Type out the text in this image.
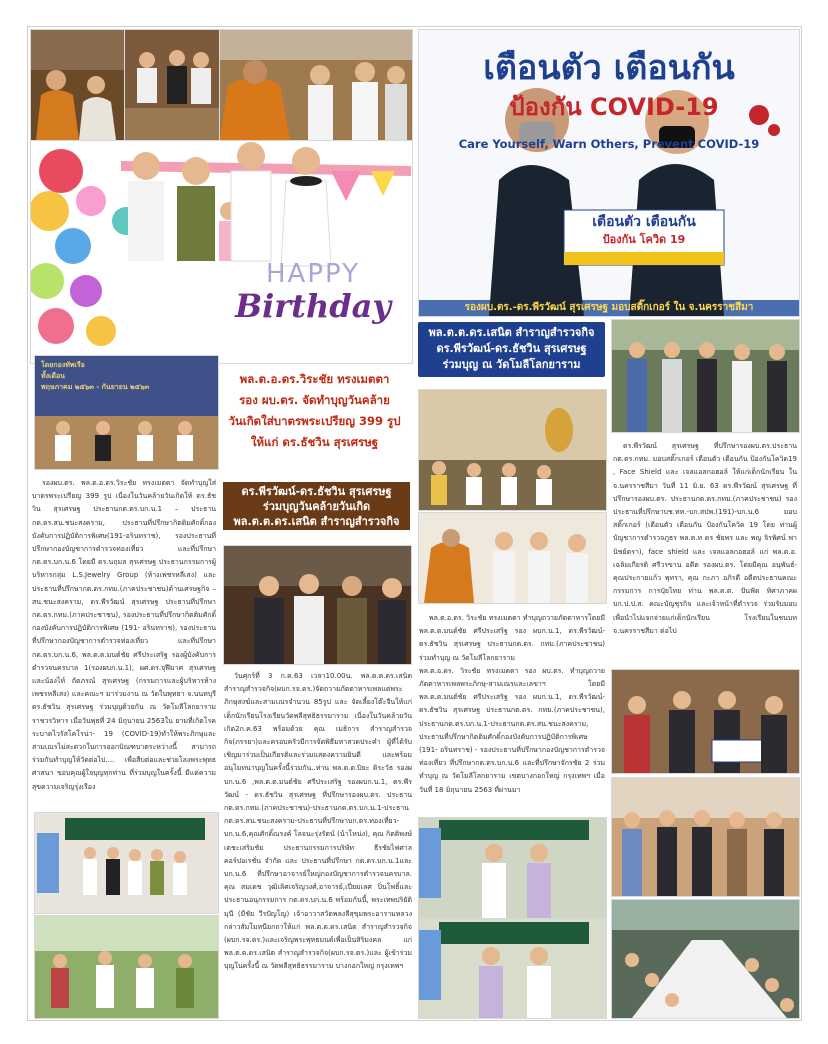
HAPPY
Birthday
โดยกองทัพเรือ
ทั้งเดือน
พฤษภาคม ๒๕๖๓ - กันยายน ๒๕๖๓
พล.ต.อ.ดร.วิระชัย ทรงเมตตา
รอง ผบ.ตร. จัดทำบุญวันคล้าย
วันเกิดใส่บาตรพระเปรียญ 399 รูป
ให้แก่ ดร.ธัชวิน สุรเศรษฐ
รองผบ.ตร. พล.ต.อ.ดร.วิระชัย ทรงเมตตา จัดทำบุญใส่บาตรพระเปรียญ 399 รูป เนื่องในวันคล้ายวันเกิดให้ ดร.ธัชวิน สุรเศรษฐ ประธานกต.ตร.บก.น.1 – ประธานกต.ตร.สน.ชนะสงคราม, ประธานที่ปรึกษากิตติมศักดิ์กองบังคับการปฏิบัติการพิเศษ(191-อรินทราช), รองประธานที่ปรึกษากองบัญชาการตำรวจท่องเที่ยว และที่ปรึกษากต.ตร.บก.น.6 โดยมี ดร.นฤมล สุรเศรษฐ ประธานกรรมการผู้บริหารกลุ่ม L.S.Jewelry Group (ห้างเพชรหลีเสง) และประธานที่ปรึกษากต.ตร.กทม.(ภาคประชาชน)ด้านเศรษฐกิจ – สน.ชนะสงคราม, ดร.พีรวัฒน์ สุรเศรษฐ ประธานที่ปรึกษากต.ตร.กทม.(ภาคประชาชน), รองประธานที่ปรึกษากิตติมศักดิ์กองบังคับการปฏิบัติการพิเศษ (191- อรินทราช), รองประธานที่ปรึกษากองบัญชาการตำรวจท่องเที่ยว และที่ปรึกษากต.ตร.บก.น.6, พล.ต.ต.มนต์ชัย ศรีประเสริฐ รองผู้บังคับการตำรวจนครบาล 1(รองผบก.น.1), ผศ.ดร.จุฬีมาศ สุรเศรษฐ และน้องไท์ ถัดภรณ์ สุรเศรษฐ (กรรมการและผู้บริหารห้างเพชรหลีเสง) และคณะฯ มาร่วมงาน ณ วัดในพุทธา จ.นนทบุรี ดร.ธัชวิน สุรเศรษฐ ร่วมบุญด้วยกัน ณ วัดโมลีโลกยาราม ราชวรวิหาร เมื่อวันพุธที่ 24 มิถุนายน 2563ใน ยามที่เกิดโรคระบาดไวรัสโคโรน่า- 19 (COVID-19)ทำให้พระภิกษุและสามเณรไม่สะดวกในการออกบิณฑบาตระหว่างนี้ สามารถร่วมกันทำบุญให้วัดต่อไป.... เพื่อสืบต่อและช่วยโลงพระพุทธศาสนา ขอบคุณผู้ใจบุญทุกท่าน ที่ร่วมบุญในครั้งนี้ มีแต่ความสุขความเจริญรุ่งเรือง
ดร.พีรวัฒน์-ดร.ธัชวิน สุรเศรษฐ
ร่วมบุญวันคล้ายวันเกิด
พล.ต.ต.ดร.เสนิต สำราญสำรวจกิจ
วันศุกร์ที่ 3 ก.ค.63 เวลา10.00น. พล.ต.ต.ดร.เสนิต สำราญสำรวจกิจ(ผบก.รจ.ตร.)จัดถวายภัตตาหารเพลแด่พระภิกษุสงฆ์และสามเณรจำนวน 85รูป และ จัดเลี้ยงโต๊ะจีนให้แก่เด็กนักเรียนโรงเรียนวัดพลีสุทธิธรรมาราม เนื่องในวันคล้ายวันเกิด2ก.ค.63 พร้อมด้วย คุณ เมธิการ สำราญสำรวจกิจ(ภรรยา)และครอบครัวมีการจัดพิธีมหาสวดประคำ ผู้ที่ได้รับเชิญมาร่วมเป็นเกียรติและร่วมแสดงความยินดี และพร้อมอนุโมทนาบุญในครั้งนี้ร่วมกัน..ท่าน พล.ต.ต.ปิยะ ติระวัธ รองผบก.น.6 ,พล.ต.ต.มนต์ชัย ศรีประเสริฐ รองผบก.น.1, ดร.พีรวัฒน์ - ดร.ธัชวิน สุรเศรษฐ ที่ปรึกษารองผบ.ตร. ประธานกต.ตร.กทม.(ภาคประชาชน)-ประธานกต.ตร.บก.น.1-ประธานกต.ตร.สน.ชนะสงคราม-ประธานที่ปรึกษาบก.ตร.ท่องเที่ยว-บก.น.6,คุณศักดิ์ณรงค์ โลจนะรุ่งรัตน์ (น้าโหน่ง), คุณ กิตติพงษ์ เตชะเสริมชัย ประธานกรรมการบริษัท ธีรชัยไฟศาล คอร์ปอเรชั่น จำกัด และ ประธานที่ปรึกษา กต.ตร.บก.น.1และ บก.น.6 ที่ปรึกษาอาจารย์ใหญ่กองบัญชาการตำรวจนครบาล. คุณ สมเดช วุฒิเลิศเจริญวงศ์,อาจารย์,เปี่ยมเลศ ปิ่นโพธิ์และประธานอนุกรรมการ กต.ตร.บก.น.6 พร้อมกันนี้, พระเทพปริยัติมุนี (มีชัย วีรปัญโญ) เจ้าอาวาสวัดพลงลีสุขุมพระอารามหลวงกล่าวสัมโมทนียกถาให้แก่ พล.ต.ต.ดร.เสนิต สำราญสำรวจกิจ (ผบก.รจ.ตร.)และเจริญพระพุทธมนต์เพื่อเป็นสิริมงคล แก่ พล.ต.ต.ดร.เสนิต สำราญสำรวจกิจ(ผบก.รจ.ตร.)และ ผู้เข้าร่วมบุญในครั้งนี้ ณ วัดพลีสุทธิธรรมาราม บางกอกใหญ่ กรุงเทพฯ
เตือนตัว เตือนกัน
ป้องกัน COVID-19
Care Yourself, Warn Others, Prevent COVID-19
เตือนตัว เตือนกัน
ป้องกัน โควิด 19
รองผบ.ตร.-ดร.พีรวัฒน์ สุรเศรษฐ มอบสติ๊กเกอร์ ใน จ.นครราชสีมา
พล.ต.ต.ดร.เสนิต สำราญสำรวจกิจ
ดร.พีรวัฒน์-ดร.ธัชวิน สุรเศรษฐ
ร่วมบุญ ณ วัดโมลีโลกยาราม
พล.ต.อ.ดร. วิระชัย ทรงเมตตา ทำบุญถวายภัตตาหารโดยมี พล.ต.ต.มนต์ชัย ศรีประเสริฐ รอง ผบก.น.1, ดร.พีรวัฒน์-ดร.ธัชวิน สุรเศรษฐ ประธานกต.ตร. กทม.(ภาคประชาชน) ร่วมทำบุญ ณ วัดโมลีโลกยาราม
พล.ต.อ.ดร. วิระชัย ทรงเมตตา รอง ผบ.ตร. ทำบุญถวายภัตตาหารเพลพระภิกษุ-สามเณรและเลขาฯ โดยมี พล.ต.ต.มนต์ชัย ศรีประเสริฐ รอง ผบก.น.1, ดร.พีรวัฒน์-ดร.ธัชวิน สุรเศรษฐ ประธานกต.ตร. กทม.(ภาคประชาชน), ประธานกต.ตร.บก.น.1-ประธานกต.ตร.สน.ชนะสงคราม, ประธานที่ปรึกษากิตติมศักดิ์กองบังคับการปฏิบัติการพิเศษ (191- อรินทราช) - รองประธานที่ปรึกษากองบัญชาการตำรวจท่องเที่ยว ที่ปรึกษากต.ตร.บก.น.6 และที่ปรึกษาจักรชัย 2 ร่วมทำบุญ ณ วัดโมลีโลกยาราม เขตบางกอกใหญ่ กรุงเทพฯ เมื่อวันที่ 18 มิถุนายน 2563 ที่ผ่านมา
ดร.พีรวัฒน์ สุรเศรษฐ ที่ปรึกษารองผบ.ตร.ประธาน กต.ตร.กทม. มอบสติ๊กเกอร์ เตือนตัว เตือนกัน ป้องกันโควิด19 , Face Shield และ เจลแอลกอฮอล์ ให้แก่เด็กนักเรียน ใน จ.นครราชสีมา วันที่ 11 มิ.ย. 63 ดร.พีรวัฒน์ สุรเศรษฐ ที่ปรึกษารองผบ.ตร. ประธานกต.ตร.กทม.(ภาคประชาชน) รองประธานที่ปรึกษาบช.ทท.-บก.สปพ.(191)-บก.น.6 มอบสติ๊กเกอร์ (เตือนตัว เตือนกัน ป้องกันโควิด 19 โดย ท่านผู้บัญชาการตำรวจภูธร พล.ต.ท ดร ชัยพร และ พญ จิรพิศน์ พานิชย์ตรา), face shield และ เจลแอลกอฮอล์ แก่ พล.ต.อ. เฉลิมเกียรติ ศรีวรขาน อดีต รองผบ.ตร. โดยมีคุณ อนุพันธ์-คุณประกายแก้ว พุทรา, คุณ กะภา อภิรดี อดีตประธานคณะกรรมการ การปุ๋ยไทย ท่าน พล.ต.ต. ปันฟัด ทิศาภาคผบก.ป.ป.ส. คณะบัญชุรกิจ และเจ้าหน้าที่ตำรวจ ร่วมรับมอบ เพื่อนำไปแจกจ่ายแก่เด็กนักเรียน โรงเรียนในชนบท จ.นครราชสีมา ต่อไป
